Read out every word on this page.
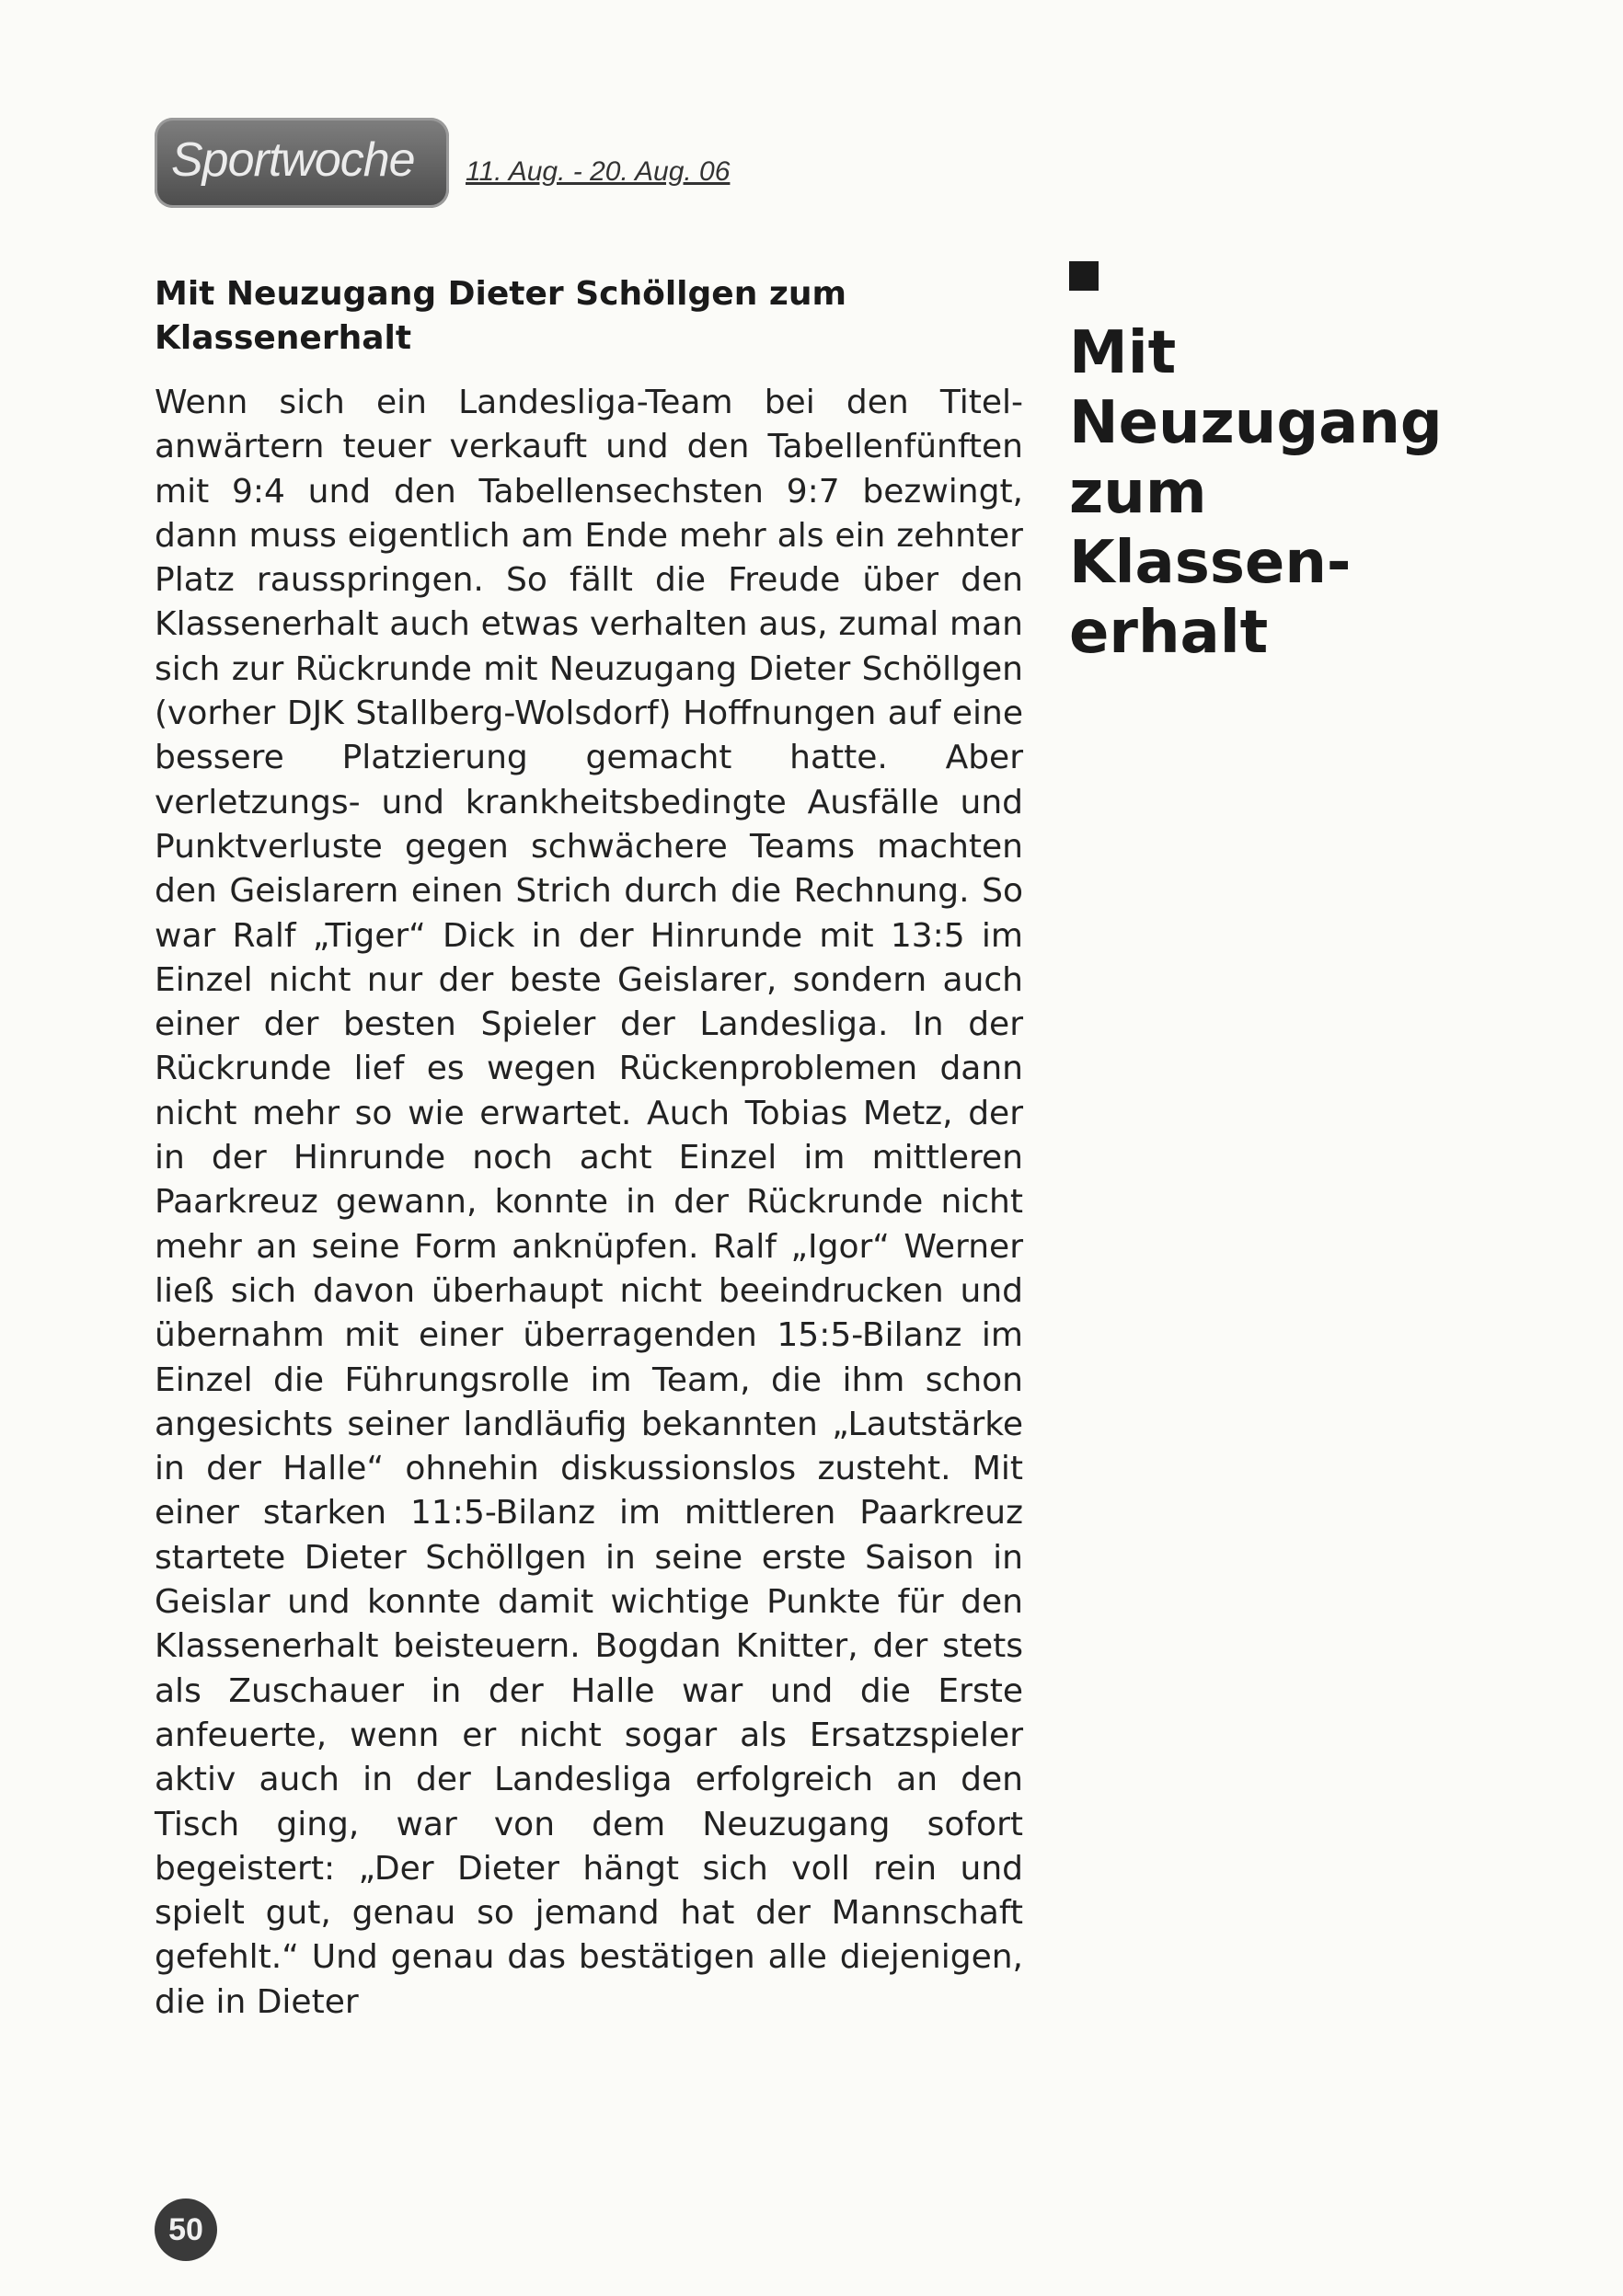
Sportwoche 11. Aug. - 20. Aug. 06
Mit Neuzugang Dieter Schöllgen zum Klassenerhalt
Wenn sich ein Landesliga-Team bei den Titelanwärtern teuer verkauft und den Tabellenfünften mit 9:4 und den Tabellensechsten 9:7 bezwingt, dann muss eigentlich am Ende mehr als ein zehnter Platz rausspringen. So fällt die Freude über den Klassenerhalt auch etwas verhalten aus, zumal man sich zur Rückrunde mit Neuzugang Dieter Schöllgen (vorher DJK Stallberg-Wolsdorf) Hoffnungen auf eine bessere Platzierung gemacht hatte. Aber verletzungs- und krankheitsbedingte Ausfälle und Punktverluste gegen schwächere Teams machten den Geislarern einen Strich durch die Rechnung. So war Ralf „Tiger“ Dick in der Hinrunde mit 13:5 im Einzel nicht nur der beste Geislarer, sondern auch einer der besten Spieler der Landesliga. In der Rückrunde lief es wegen Rückenproblemen dann nicht mehr so wie erwartet. Auch Tobias Metz, der in der Hinrunde noch acht Einzel im mittleren Paarkreuz gewann, konnte in der Rückrunde nicht mehr an seine Form anknüpfen. Ralf „Igor“ Werner ließ sich davon überhaupt nicht beeindrucken und übernahm mit einer überragenden 15:5-Bilanz im Einzel die Führungsrolle im Team, die ihm schon angesichts seiner landläufig bekannten „Lautstärke in der Halle“ ohnehin diskussionslos zusteht. Mit einer starken 11:5-Bilanz im mittleren Paarkreuz startete Dieter Schöllgen in seine erste Saison in Geislar und konnte damit wichtige Punkte für den Klassenerhalt beisteuern. Bogdan Knitter, der stets als Zuschauer in der Halle war und die Erste anfeuerte, wenn er nicht sogar als Ersatzspieler aktiv auch in der Landesliga erfolgreich an den Tisch ging, war von dem Neuzugang sofort begeistert: „Der Dieter hängt sich voll rein und spielt gut, genau so jemand hat der Mannschaft gefehlt.“ Und genau das bestätigen alle diejenigen, die in Dieter
Mit
Neuzugang
zum
Klassen-
erhalt
50
